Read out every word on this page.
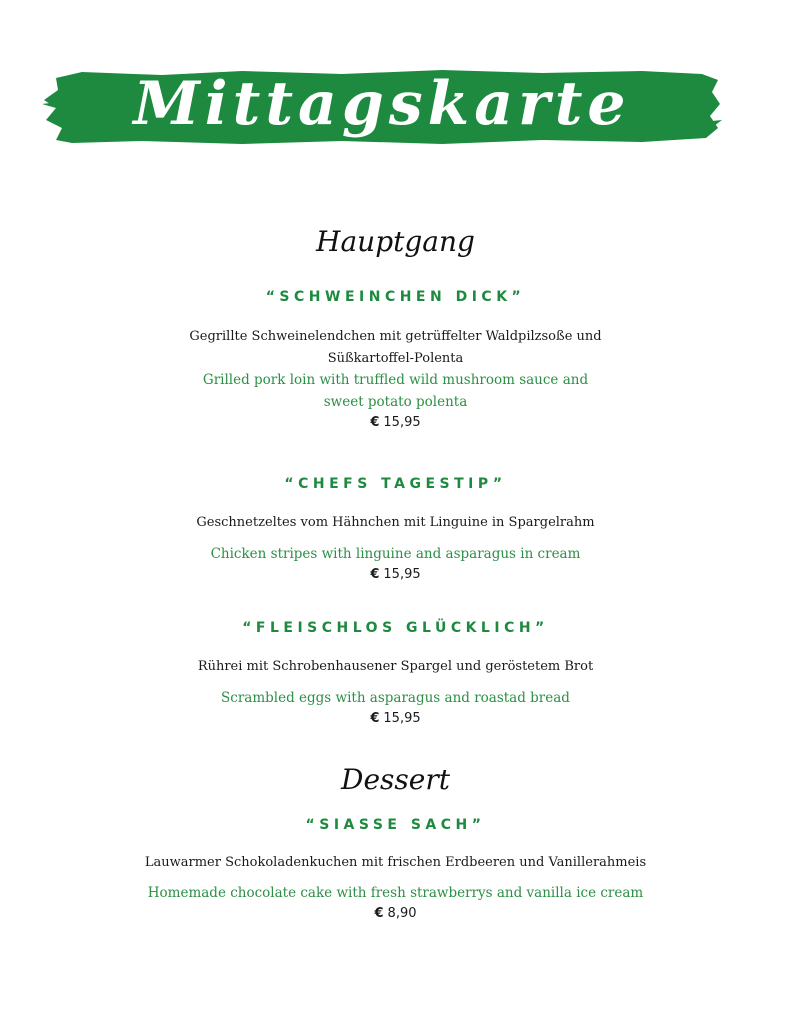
Mittagskarte
Hauptgang
“SCHWEINCHEN DICK”
Gegrillte Schweinelendchen mit getrüffelter Waldpilzsoße und
Süßkartoffel-Polenta
Grilled pork loin with truffled wild mushroom sauce and
sweet potato polenta
€ 15,95
“CHEFS TAGESTIP”
Geschnetzeltes vom Hähnchen mit Linguine in Spargelrahm
Chicken stripes with linguine and asparagus in cream
€ 15,95
“FLEISCHLOS GLÜCKLICH”
Rührei mit Schrobenhausener Spargel und geröstetem Brot
Scrambled eggs with asparagus and roastad bread
€ 15,95
Dessert
“SIASSE SACH”
Lauwarmer Schokoladenkuchen mit frischen Erdbeeren und Vanillerahmeis
Homemade chocolate cake with fresh strawberrys and vanilla ice cream
€ 8,90
